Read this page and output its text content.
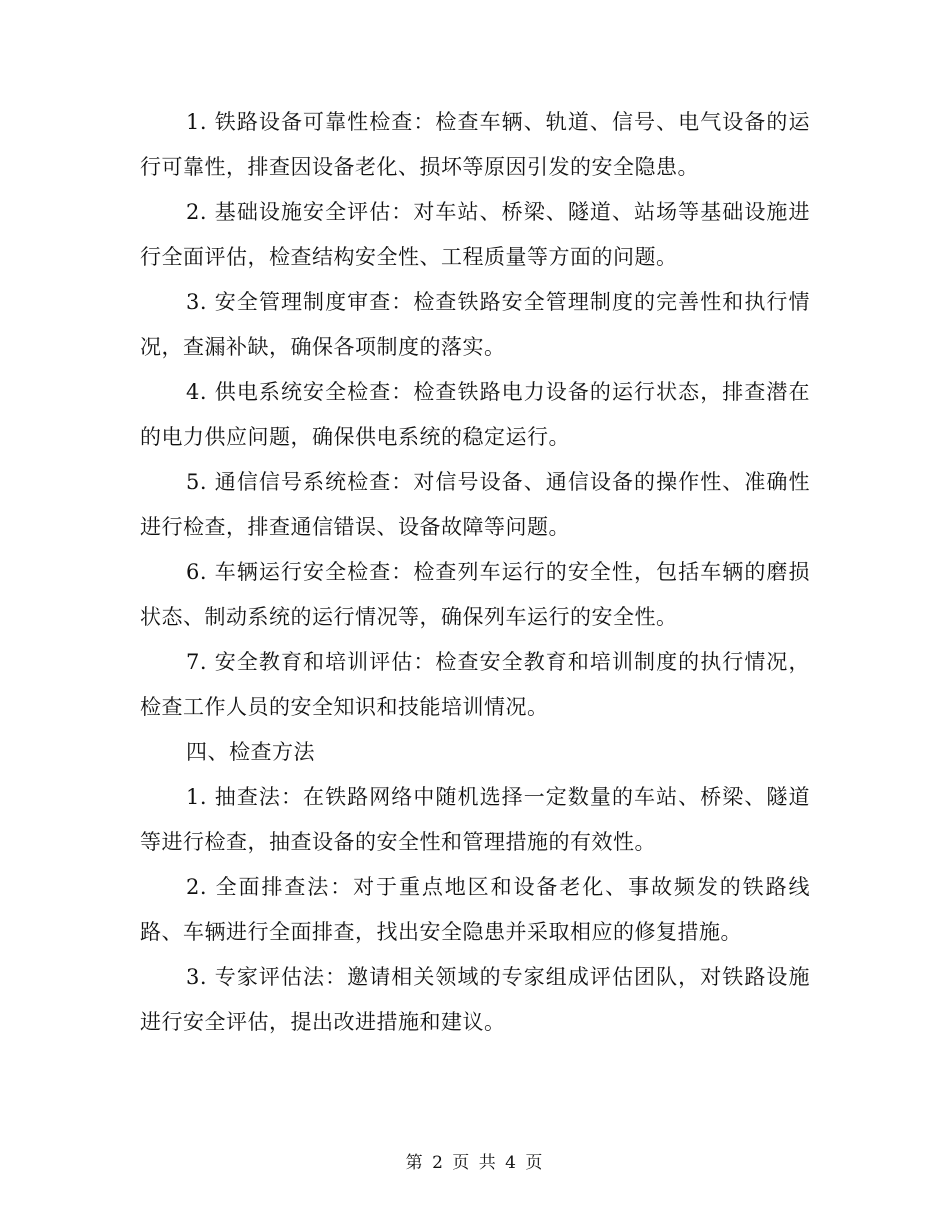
1. 铁路设备可靠性检查：检查车辆、轨道、信号、电气设备的运行可靠性，排查因设备老化、损坏等原因引发的安全隐患。

2. 基础设施安全评估：对车站、桥梁、隧道、站场等基础设施进行全面评估，检查结构安全性、工程质量等方面的问题。

3. 安全管理制度审查：检查铁路安全管理制度的完善性和执行情况，查漏补缺，确保各项制度的落实。

4. 供电系统安全检查：检查铁路电力设备的运行状态，排查潜在的电力供应问题，确保供电系统的稳定运行。

5. 通信信号系统检查：对信号设备、通信设备的操作性、准确性进行检查，排查通信错误、设备故障等问题。

6. 车辆运行安全检查：检查列车运行的安全性，包括车辆的磨损状态、制动系统的运行情况等，确保列车运行的安全性。

7. 安全教育和培训评估：检查安全教育和培训制度的执行情况，检查工作人员的安全知识和技能培训情况。

四、检查方法

1. 抽查法：在铁路网络中随机选择一定数量的车站、桥梁、隧道等进行检查，抽查设备的安全性和管理措施的有效性。

2. 全面排查法：对于重点地区和设备老化、事故频发的铁路线路、车辆进行全面排查，找出安全隐患并采取相应的修复措施。

3. 专家评估法：邀请相关领域的专家组成评估团队，对铁路设施进行安全评估，提出改进措施和建议。

第 2 页 共 4 页
